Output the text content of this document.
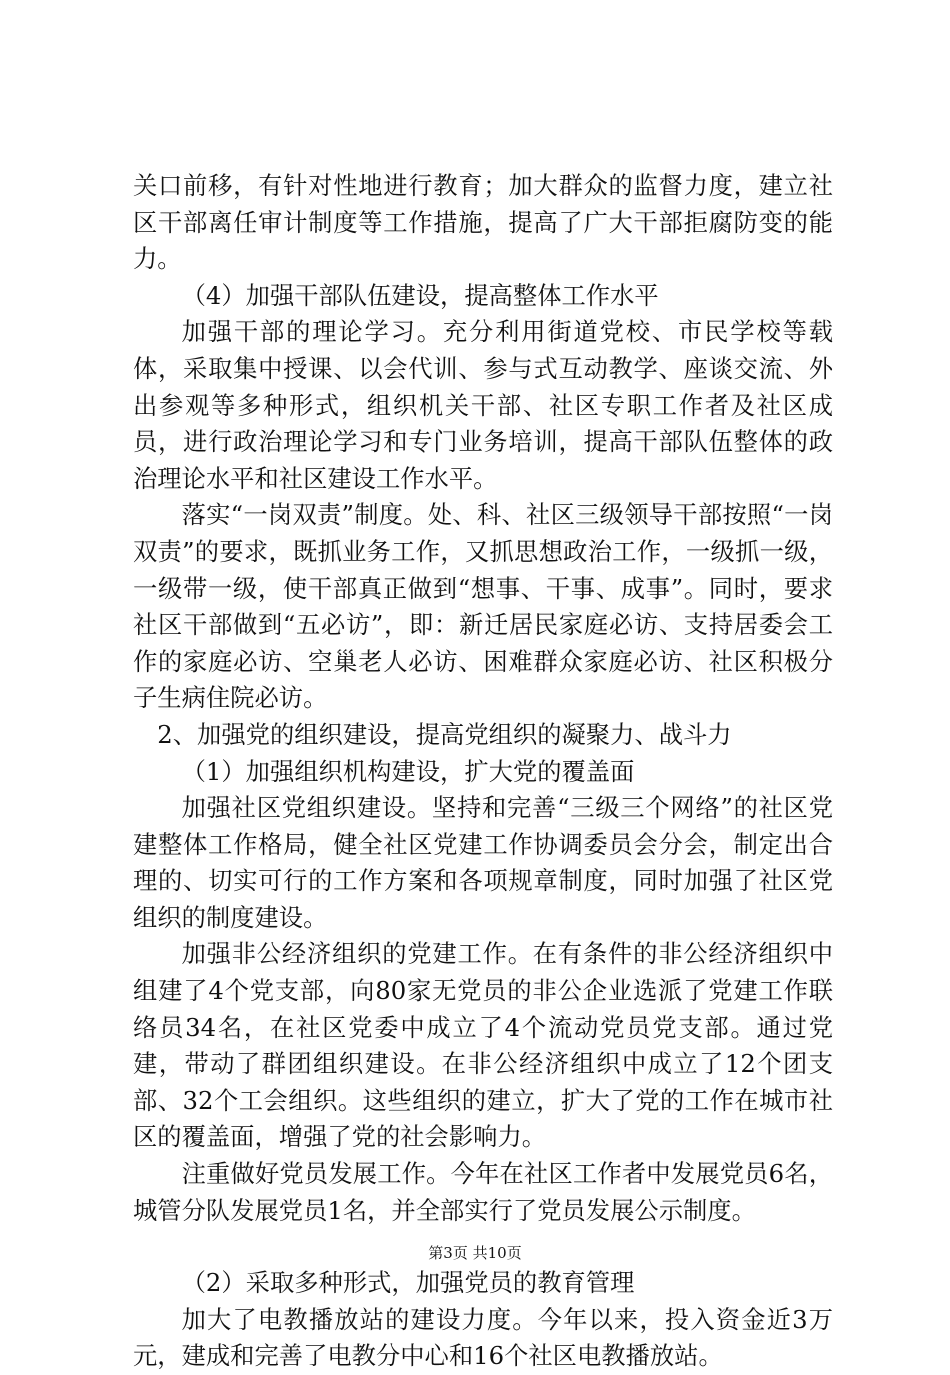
关口前移，有针对性地进行教育；加大群众的监督力度，建立社区干部离任审计制度等工作措施，提高了广大干部拒腐防变的能力。

（4）加强干部队伍建设，提高整体工作水平

加强干部的理论学习。充分利用街道党校、市民学校等载体，采取集中授课、以会代训、参与式互动教学、座谈交流、外出参观等多种形式，组织机关干部、社区专职工作者及社区成员，进行政治理论学习和专门业务培训，提高干部队伍整体的政治理论水平和社区建设工作水平。

落实“一岗双责”制度。处、科、社区三级领导干部按照“一岗双责”的要求，既抓业务工作，又抓思想政治工作，一级抓一级，一级带一级，使干部真正做到“想事、干事、成事”。同时，要求社区干部做到“五必访”，即：新迁居民家庭必访、支持居委会工作的家庭必访、空巢老人必访、困难群众家庭必访、社区积极分子生病住院必访。

2、加强党的组织建设，提高党组织的凝聚力、战斗力

（1）加强组织机构建设，扩大党的覆盖面

加强社区党组织建设。坚持和完善“三级三个网络”的社区党建整体工作格局，健全社区党建工作协调委员会分会，制定出合理的、切实可行的工作方案和各项规章制度，同时加强了社区党组织的制度建设。

加强非公经济组织的党建工作。在有条件的非公经济组织中组建了4个党支部，向80家无党员的非公企业选派了党建工作联络员34名，在社区党委中成立了4个流动党员党支部。通过党建，带动了群团组织建设。在非公经济组织中成立了12个团支部、32个工会组织。这些组织的建立，扩大了党的工作在城市社区的覆盖面，增强了党的社会影响力。

注重做好党员发展工作。今年在社区工作者中发展党员6名，城管分队发展党员1名，并全部实行了党员发展公示制度。

（2）采取多种形式，加强党员的教育管理

加大了电教播放站的建设力度。今年以来，投入资金近3万元，建成和完善了电教分中心和16个社区电教播放站。

第3页 共10页
